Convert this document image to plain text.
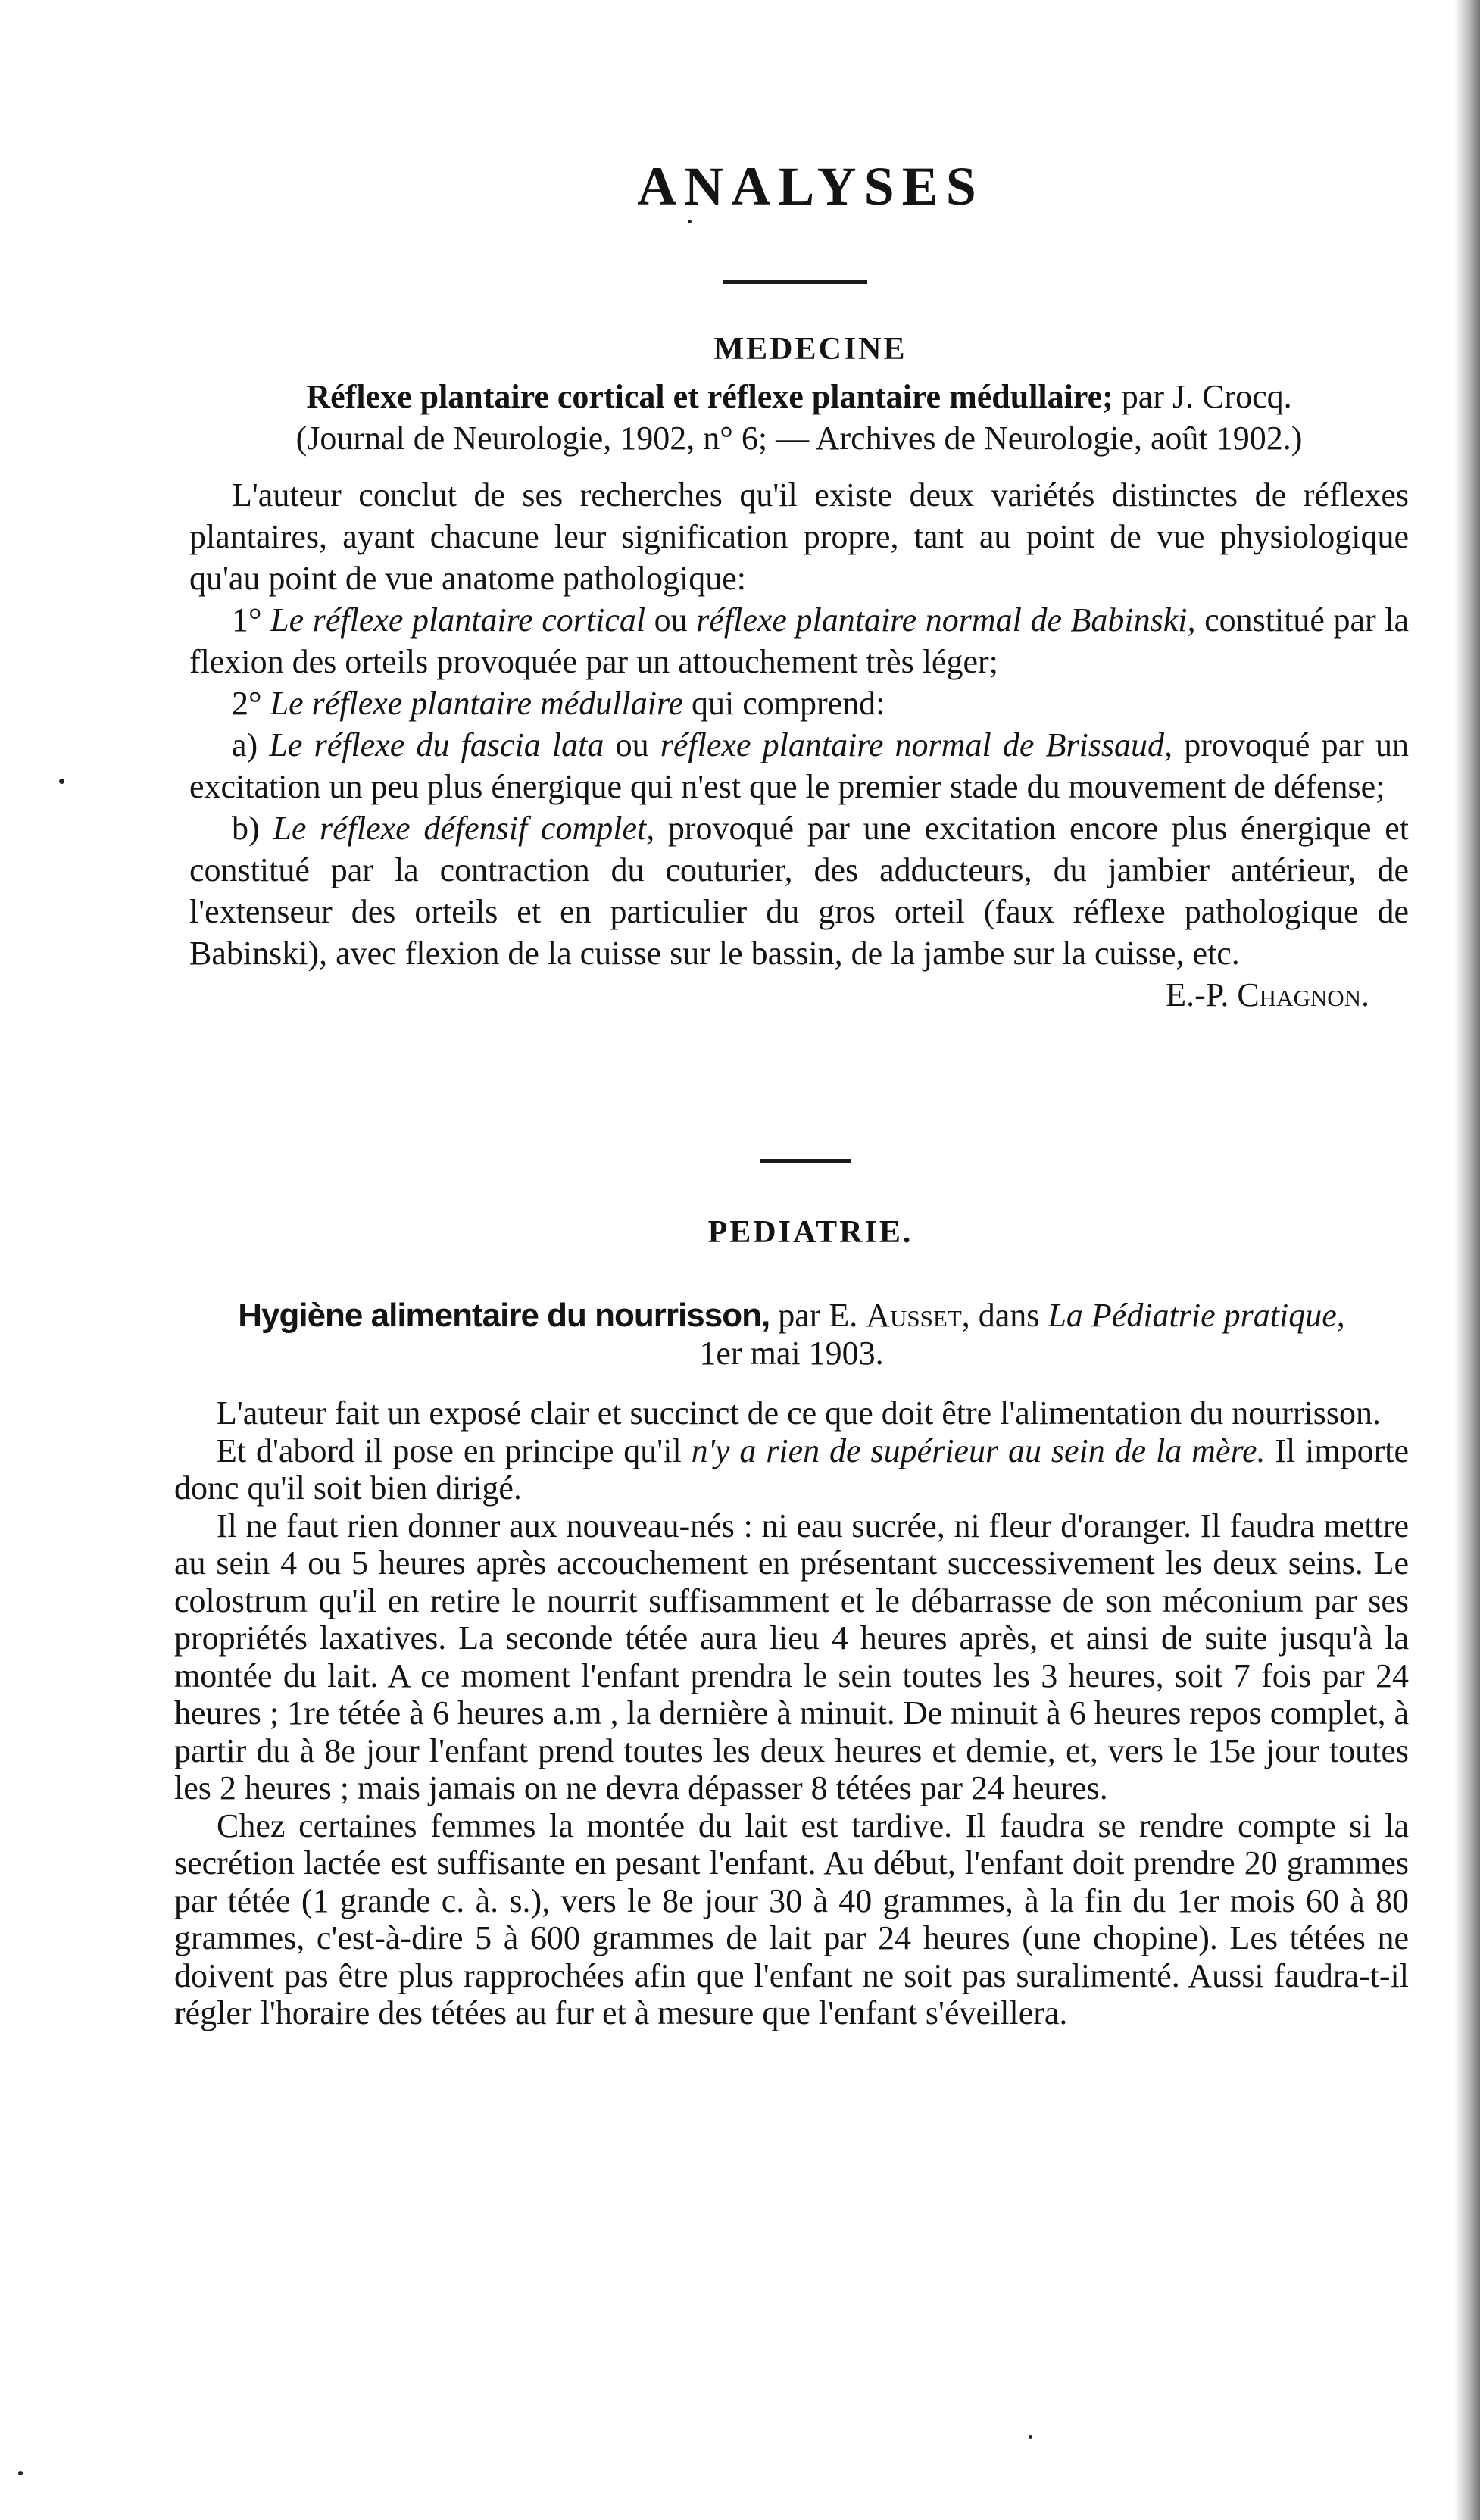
ANALYSES
MEDECINE

Réflexe plantaire cortical et réflexe plantaire médullaire; par J. Crocq.

(Journal de Neurologie, 1902, n° 6; — Archives de Neurologie, août 1902.)

L'auteur conclut de ses recherches qu'il existe deux variétés distinctes de réflexes plantaires, ayant chacune leur signification propre, tant au point de vue physiologique qu'au point de vue anatome pathologique:

1° Le réflexe plantaire cortical ou réflexe plantaire normal de Babinski, constitué par la flexion des orteils provoquée par un attouchement très léger;

2° Le réflexe plantaire médullaire qui comprend:

a) Le réflexe du fascia lata ou réflexe plantaire normal de Brissaud, provoqué par un excitation un peu plus énergique qui n'est que le premier stade du mouvement de défense;

b) Le réflexe défensif complet, provoqué par une excitation encore plus énergique et constitué par la contraction du couturier, des adducteurs, du jambier antérieur, de l'extenseur des orteils et en particulier du gros orteil (faux réflexe pathologique de Babinski), avec flexion de la cuisse sur le bassin, de la jambe sur la cuisse, etc.

E.-P. Chagnon.

PEDIATRIE.

Hygiène alimentaire du nourrisson, par E. Ausset, dans La Pédiatrie pratique,

1er mai 1903.

L'auteur fait un exposé clair et succinct de ce que doit être l'alimentation du nourrisson.

Et d'abord il pose en principe qu'il n'y a rien de supérieur au sein de la mère. Il importe donc qu'il soit bien dirigé.

Il ne faut rien donner aux nouveau-nés : ni eau sucrée, ni fleur d'oranger. Il faudra mettre au sein 4 ou 5 heures après accouchement en présentant successivement les deux seins. Le colostrum qu'il en retire le nourrit suffisamment et le débarrasse de son méconium par ses propriétés laxatives. La seconde tétée aura lieu 4 heures après, et ainsi de suite jusqu'à la montée du lait. A ce moment l'enfant prendra le sein toutes les 3 heures, soit 7 fois par 24 heures ; 1re tétée à 6 heures a.m , la dernière à minuit. De minuit à 6 heures repos complet, à partir du à 8e jour l'enfant prend toutes les deux heures et demie, et, vers le 15e jour toutes les 2 heures ; mais jamais on ne devra dépasser 8 tétées par 24 heures.

Chez certaines femmes la montée du lait est tardive. Il faudra se rendre compte si la secrétion lactée est suffisante en pesant l'enfant. Au début, l'enfant doit prendre 20 grammes par tétée (1 grande c. à. s.), vers le 8e jour 30 à 40 grammes, à la fin du 1er mois 60 à 80 grammes, c'est-à-dire 5 à 600 grammes de lait par 24 heures (une chopine). Les tétées ne doivent pas être plus rapprochées afin que l'enfant ne soit pas suralimenté. Aussi faudra-t-il régler l'horaire des tétées au fur et à mesure que l'enfant s'éveillera.
